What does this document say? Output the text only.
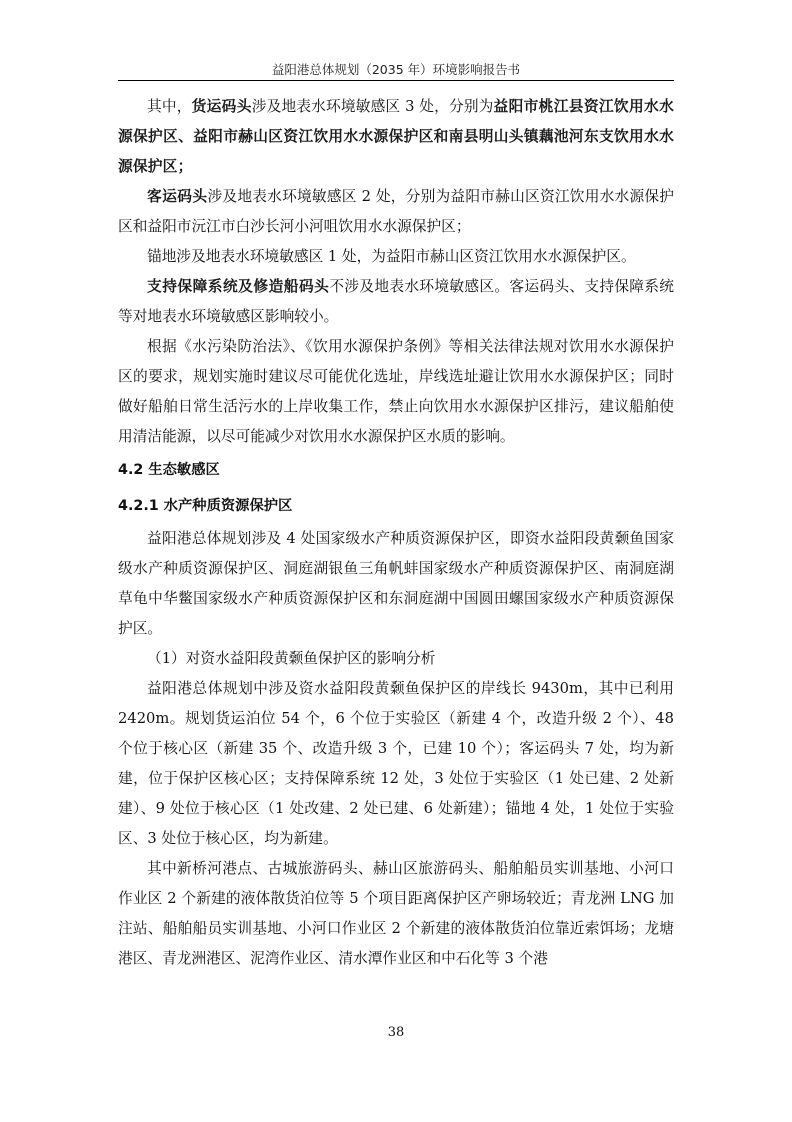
益阳港总体规划（2035 年）环境影响报告书

其中，货运码头涉及地表水环境敏感区 3 处，分别为益阳市桃江县资江饮用水水源保护区、益阳市赫山区资江饮用水水源保护区和南县明山头镇藕池河东支饮用水水源保护区；

客运码头涉及地表水环境敏感区 2 处，分别为益阳市赫山区资江饮用水水源保护区和益阳市沅江市白沙长河小河咀饮用水水源保护区；

锚地涉及地表水环境敏感区 1 处，为益阳市赫山区资江饮用水水源保护区。

支持保障系统及修造船码头不涉及地表水环境敏感区。客运码头、支持保障系统等对地表水环境敏感区影响较小。

根据《水污染防治法》、《饮用水源保护条例》等相关法律法规对饮用水水源保护区的要求，规划实施时建议尽可能优化选址，岸线选址避让饮用水水源保护区；同时做好船舶日常生活污水的上岸收集工作，禁止向饮用水水源保护区排污，建议船舶使用清洁能源，以尽可能减少对饮用水水源保护区水质的影响。

4.2 生态敏感区
4.2.1 水产种质资源保护区

益阳港总体规划涉及 4 处国家级水产种质资源保护区，即资水益阳段黄颡鱼国家级水产种质资源保护区、洞庭湖银鱼三角帆蚌国家级水产种质资源保护区、南洞庭湖草龟中华鳖国家级水产种质资源保护区和东洞庭湖中国圆田螺国家级水产种质资源保护区。

（1）对资水益阳段黄颡鱼保护区的影响分析

益阳港总体规划中涉及资水益阳段黄颡鱼保护区的岸线长 9430m，其中已利用 2420m。规划货运泊位 54 个，6 个位于实验区（新建 4 个，改造升级 2 个）、48 个位于核心区（新建 35 个、改造升级 3 个，已建 10 个）；客运码头 7 处，均为新建，位于保护区核心区；支持保障系统 12 处，3 处位于实验区（1 处已建、2 处新建）、9 处位于核心区（1 处改建、2 处已建、6 处新建）；锚地 4 处，1 处位于实验区、3 处位于核心区，均为新建。

其中新桥河港点、古城旅游码头、赫山区旅游码头、船舶船员实训基地、小河口作业区 2 个新建的液体散货泊位等 5 个项目距离保护区产卵场较近；青龙洲 LNG 加注站、船舶船员实训基地、小河口作业区 2 个新建的液体散货泊位靠近索饵场；龙塘港区、青龙洲港区、泥湾作业区、清水潭作业区和中石化等 3 个港

38
